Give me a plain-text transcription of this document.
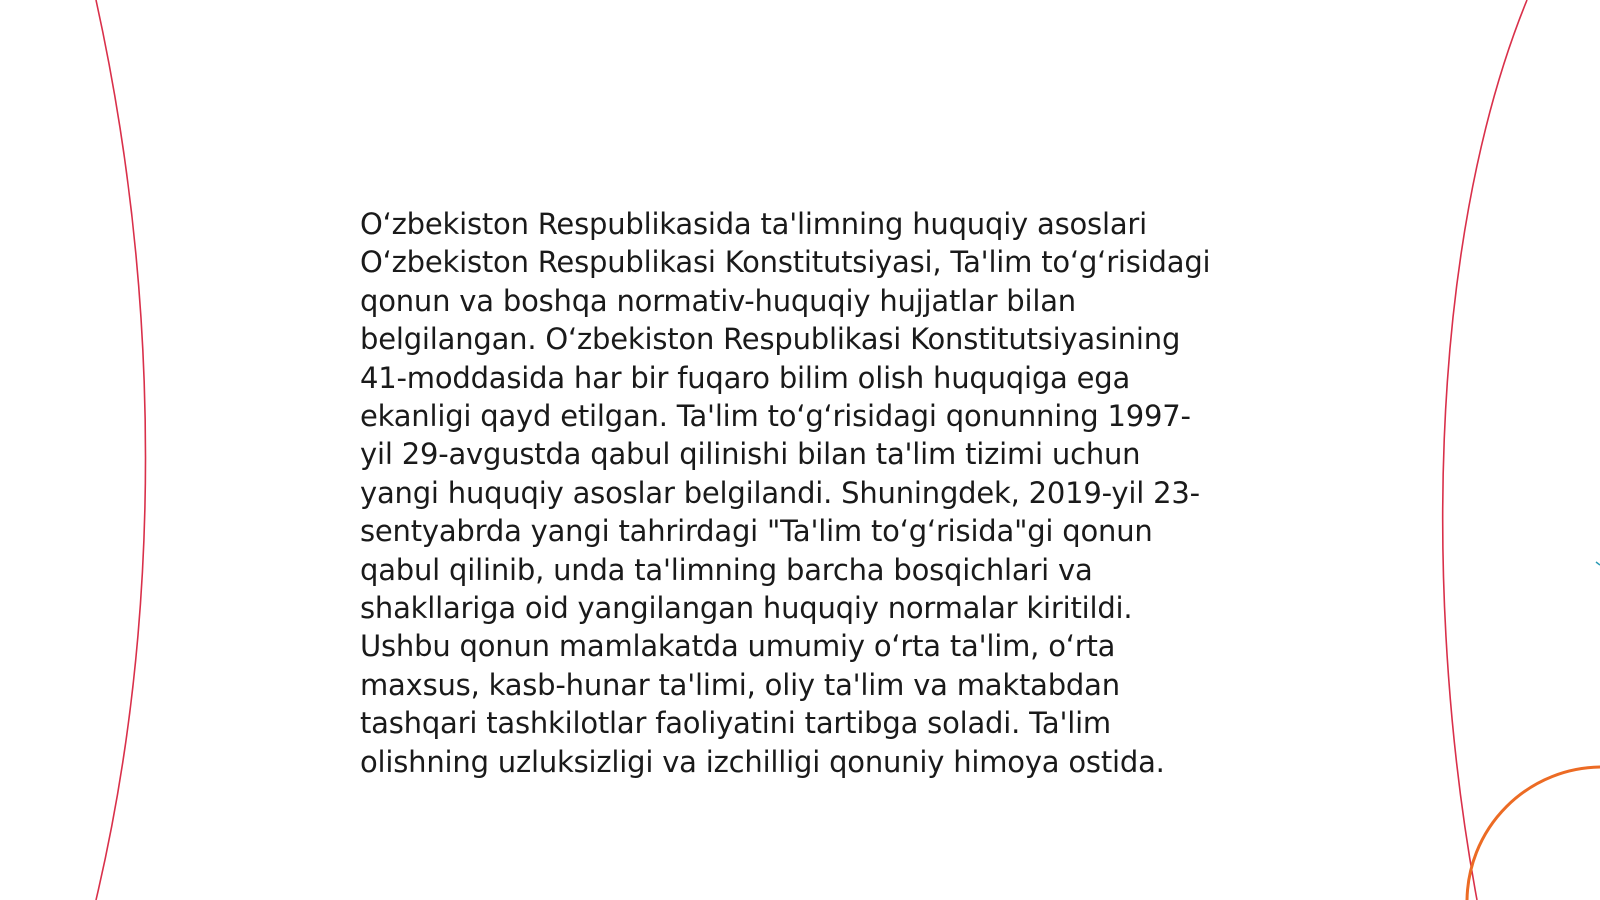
O‘zbekiston Respublikasida ta'limning huquqiy asoslari O‘zbekiston Respublikasi Konstitutsiyasi, Ta'lim to‘g‘risidagi qonun va boshqa normativ-huquqiy hujjatlar bilan belgilangan. O‘zbekiston Respublikasi Konstitutsiyasining 41-moddasida har bir fuqaro bilim olish huquqiga ega ekanligi qayd etilgan. Ta'lim to‘g‘risidagi qonunning 1997-yil 29-avgustda qabul qilinishi bilan ta'lim tizimi uchun yangi huquqiy asoslar belgilandi. Shuningdek, 2019-yil 23-sentyabrda yangi tahrirdagi "Ta'lim to‘g‘risida"gi qonun qabul qilinib, unda ta'limning barcha bosqichlari va shakllariga oid yangilangan huquqiy normalar kiritildi. Ushbu qonun mamlakatda umumiy o‘rta ta'lim, o‘rta maxsus, kasb-hunar ta'limi, oliy ta'lim va maktabdan tashqari tashkilotlar faoliyatini tartibga soladi. Ta'lim olishning uzluksizligi va izchilligi qonuniy himoya ostida.
